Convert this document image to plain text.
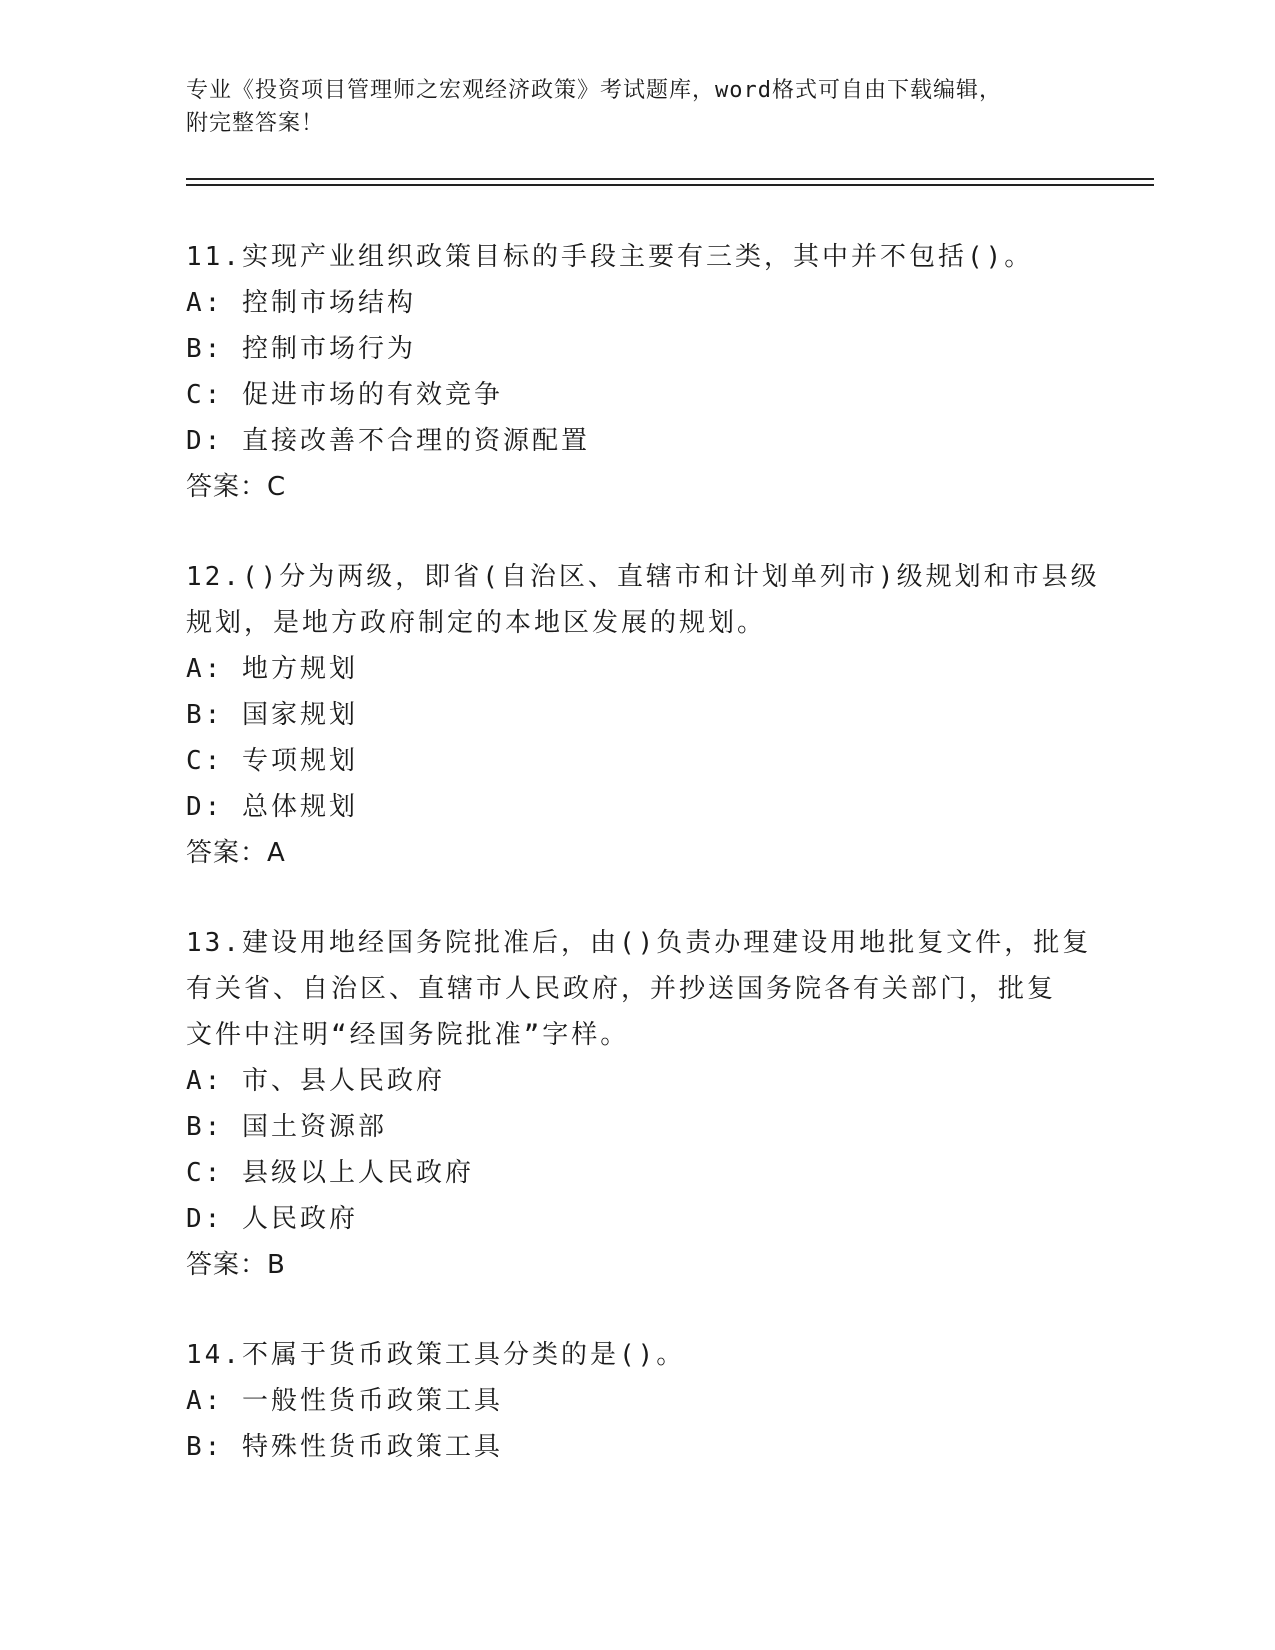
专业《投资项目管理师之宏观经济政策》考试题库，word格式可自由下载编辑，
附完整答案！
11.实现产业组织政策目标的手段主要有三类，其中并不包括()。
A: 控制市场结构
B: 控制市场行为
C: 促进市场的有效竞争
D: 直接改善不合理的资源配置
答案：C
12.()分为两级，即省(自治区、直辖市和计划单列市)级规划和市县级
规划，是地方政府制定的本地区发展的规划。
A: 地方规划
B: 国家规划
C: 专项规划
D: 总体规划
答案：A
13.建设用地经国务院批准后，由()负责办理建设用地批复文件，批复
有关省、自治区、直辖市人民政府，并抄送国务院各有关部门，批复
文件中注明“经国务院批准”字样。
A: 市、县人民政府
B: 国土资源部
C: 县级以上人民政府
D: 人民政府
答案：B
14.不属于货币政策工具分类的是()。
A: 一般性货币政策工具
B: 特殊性货币政策工具
